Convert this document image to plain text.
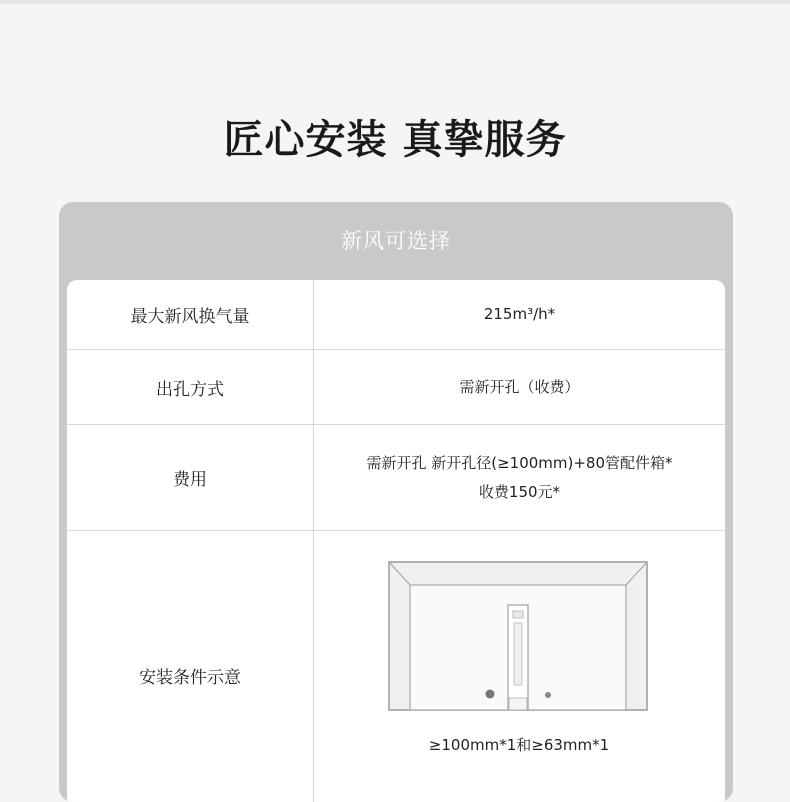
匠心安装 真挚服务
新风可选择
最大新风换气量	215m³/h*
出孔方式	需新开孔（收费）
费用
需新开孔 新开孔径(≥100mm)+80管配件箱*
收费150元*
安装条件示意
≥100mm*1和≥63mm*1
